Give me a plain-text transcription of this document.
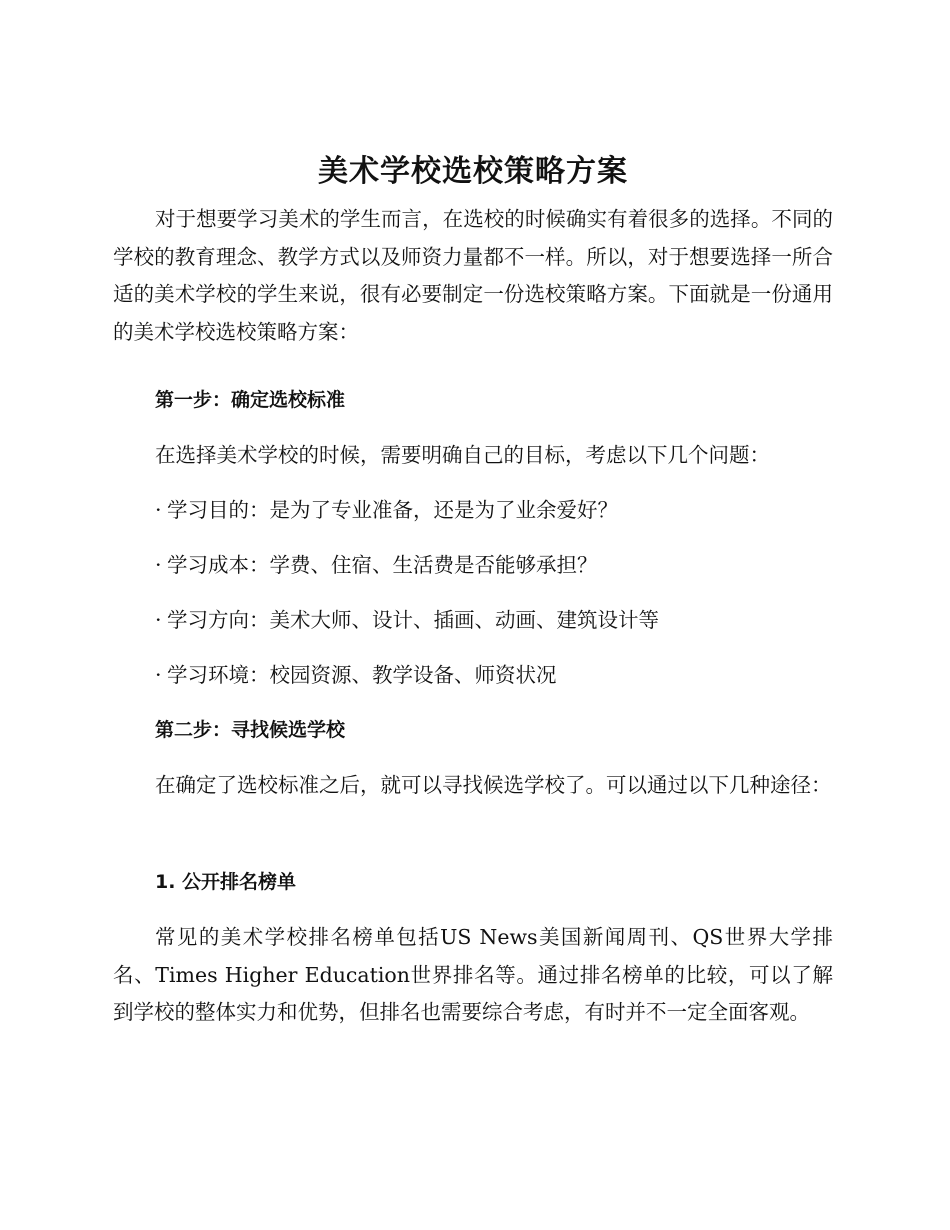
美术学校选校策略方案

对于想要学习美术的学生而言，在选校的时候确实有着很多的选择。不同的学校的教育理念、教学方式以及师资力量都不一样。所以，对于想要选择一所合适的美术学校的学生来说，很有必要制定一份选校策略方案。下面就是一份通用的美术学校选校策略方案：

第一步：确定选校标准

在选择美术学校的时候，需要明确自己的目标，考虑以下几个问题：

· 学习目的：是为了专业准备，还是为了业余爱好？

· 学习成本：学费、住宿、生活费是否能够承担？

· 学习方向：美术大师、设计、插画、动画、建筑设计等

· 学习环境：校园资源、教学设备、师资状况

第二步：寻找候选学校

在确定了选校标准之后，就可以寻找候选学校了。可以通过以下几种途径：

1. 公开排名榜单

常见的美术学校排名榜单包括US News美国新闻周刊、QS世界大学排名、Times Higher Education世界排名等。通过排名榜单的比较，可以了解到学校的整体实力和优势，但排名也需要综合考虑，有时并不一定全面客观。
